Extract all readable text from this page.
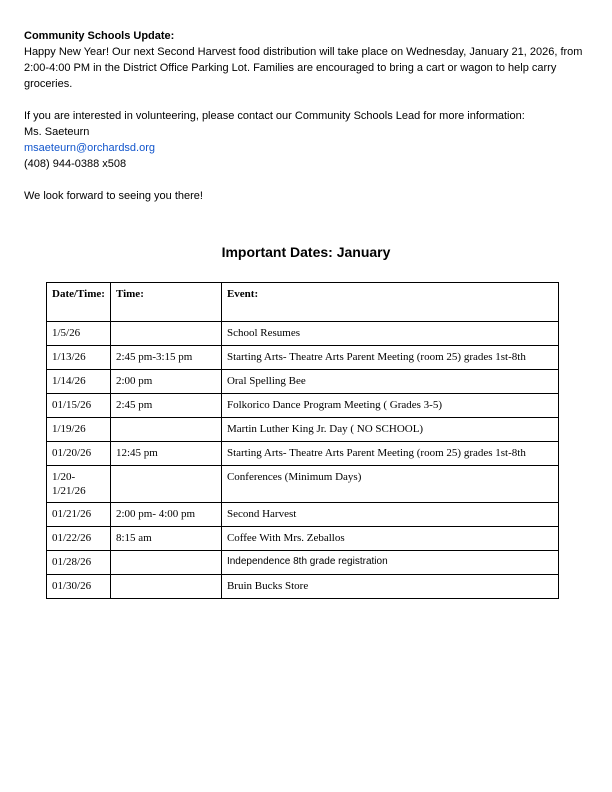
Community Schools Update:

Happy New Year! Our next Second Harvest food distribution will take place on Wednesday, January 21, 2026, from 2:00-4:00 PM in the District Office Parking Lot. Families are encouraged to bring a cart or wagon to help carry groceries.

If you are interested in volunteering, please contact our Community Schools Lead for more information:

Ms. Saeteurn

msaeteurn@orchardsd.org

(408) 944-0388 x508

We look forward to seeing you there!

Important Dates: January
Date/Time:	Time:	Event:
1/5/26		School Resumes
1/13/26	2:45 pm-3:15 pm	Starting Arts- Theatre Arts Parent Meeting (room 25) grades 1st-8th
1/14/26	2:00 pm	Oral Spelling Bee
01/15/26	2:45 pm	Folkorico Dance Program Meeting ( Grades 3-5)
1/19/26		Martin Luther King Jr. Day ( NO SCHOOL)
01/20/26	12:45 pm	Starting Arts- Theatre Arts Parent Meeting (room 25) grades 1st-8th
1/20-1/21/26		Conferences (Minimum Days)
01/21/26	2:00 pm- 4:00 pm	Second Harvest
01/22/26	8:15 am	Coffee With Mrs. Zeballos
01/28/26		Independence 8th grade registration
01/30/26		Bruin Bucks Store
